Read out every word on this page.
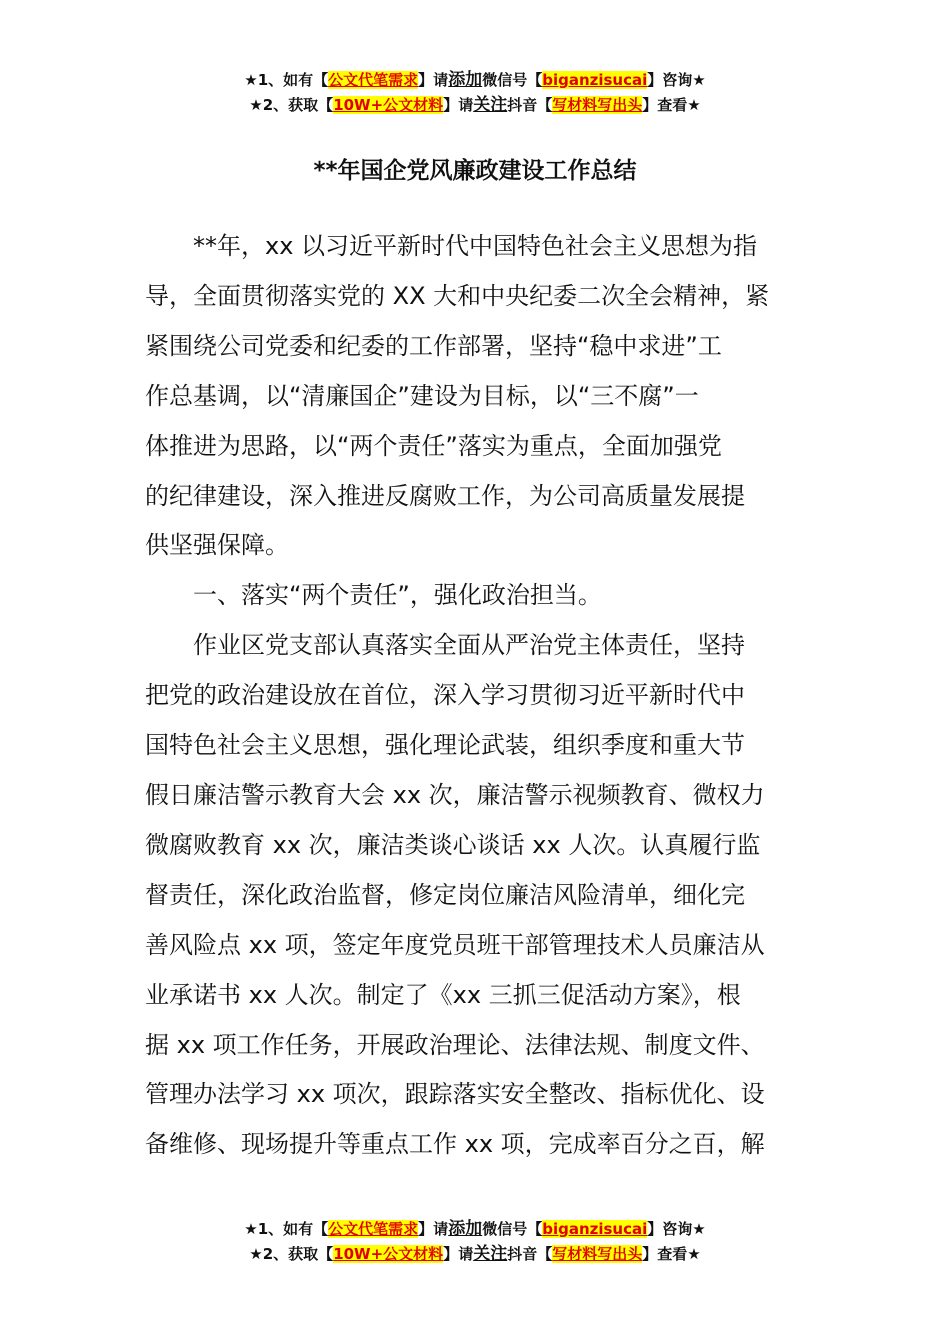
★1、如有【公文代笔需求】请添加微信号【biganzisucai】咨询★
★2、获取【10W+公文材料】请关注抖音【写材料写出头】查看★
**年国企党风廉政建设工作总结
　　**年，xx 以习近平新时代中国特色社会主义思想为指
导，全面贯彻落实党的 XX 大和中央纪委二次全会精神，紧
紧围绕公司党委和纪委的工作部署，坚持“稳中求进”工
作总基调，以“清廉国企”建设为目标，以“三不腐”一
体推进为思路，以“两个责任”落实为重点，全面加强党
的纪律建设，深入推进反腐败工作，为公司高质量发展提
供坚强保障。
　　一、落实“两个责任”，强化政治担当。
　　作业区党支部认真落实全面从严治党主体责任，坚持
把党的政治建设放在首位，深入学习贯彻习近平新时代中
国特色社会主义思想，强化理论武装，组织季度和重大节
假日廉洁警示教育大会 xx 次，廉洁警示视频教育、微权力
微腐败教育 xx 次，廉洁类谈心谈话 xx 人次。认真履行监
督责任，深化政治监督，修定岗位廉洁风险清单，细化完
善风险点 xx 项，签定年度党员班干部管理技术人员廉洁从
业承诺书 xx 人次。制定了《xx 三抓三促活动方案》，根
据 xx 项工作任务，开展政治理论、法律法规、制度文件、
管理办法学习 xx 项次，跟踪落实安全整改、指标优化、设
备维修、现场提升等重点工作 xx 项，完成率百分之百，解
★1、如有【公文代笔需求】请添加微信号【biganzisucai】咨询★
★2、获取【10W+公文材料】请关注抖音【写材料写出头】查看★
